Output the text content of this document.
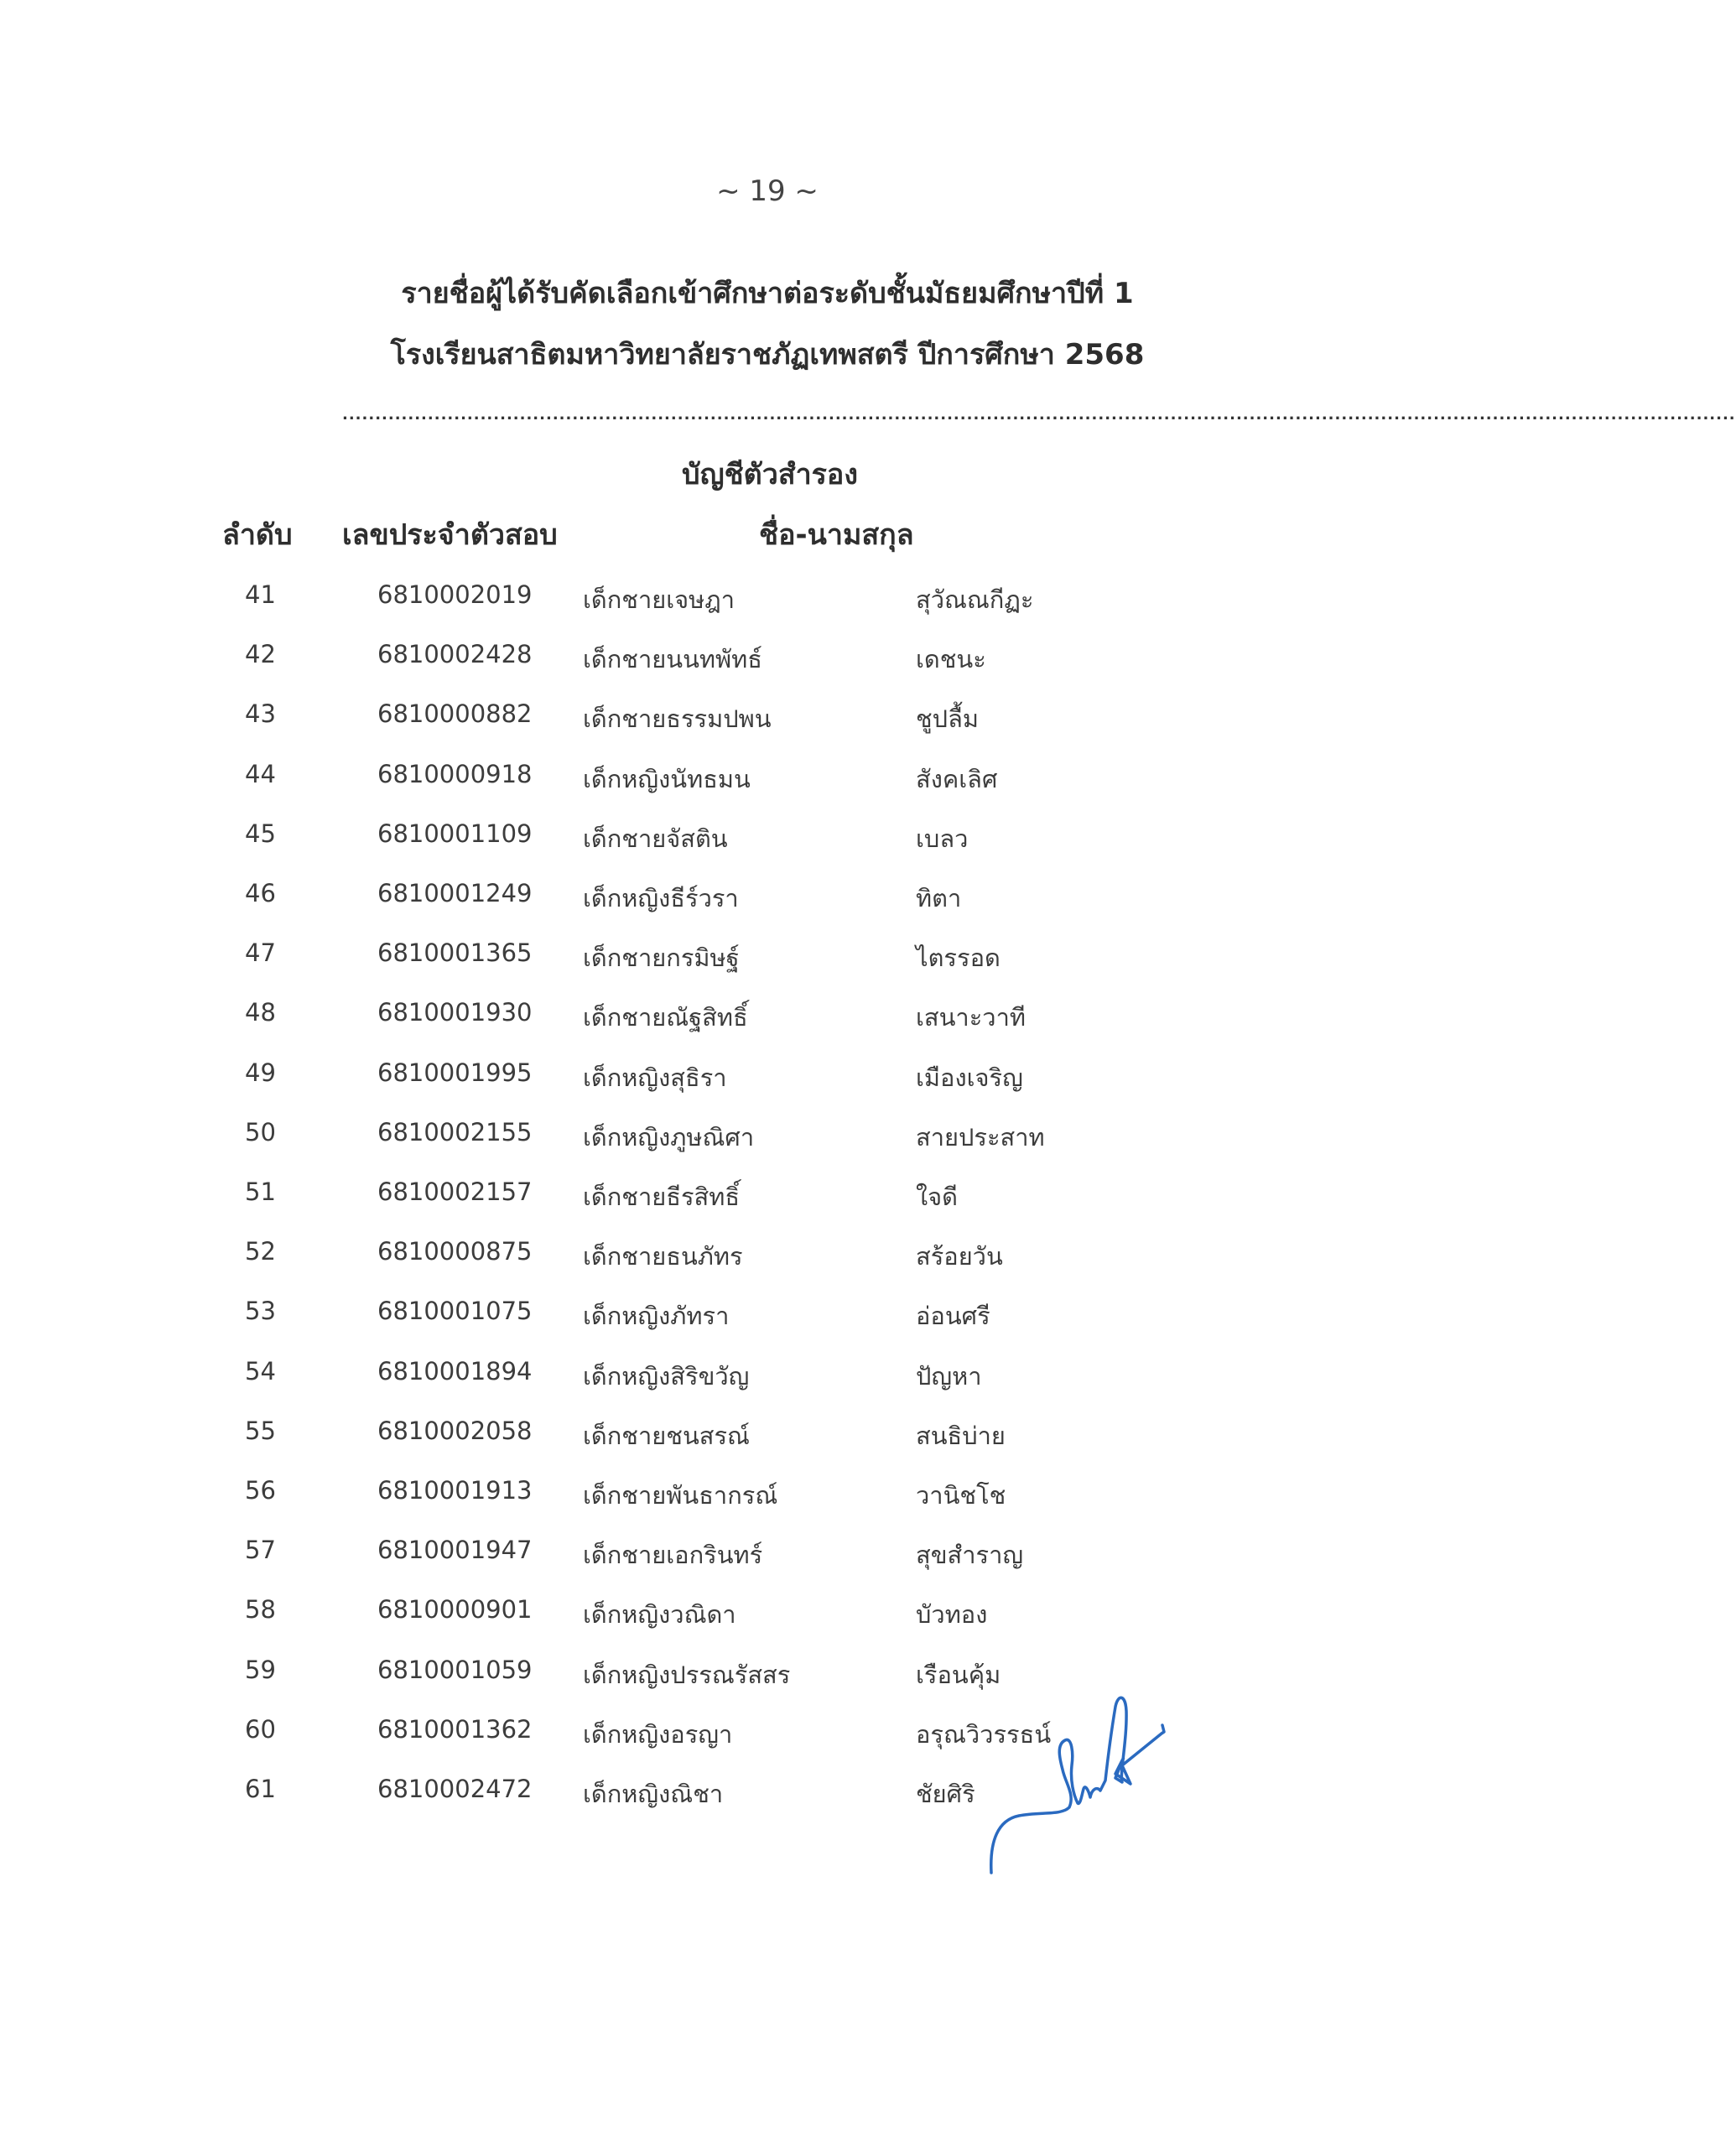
~ 19 ~
รายชื่อผู้ได้รับคัดเลือกเข้าศึกษาต่อระดับชั้นมัธยมศึกษาปีที่ 1
โรงเรียนสาธิตมหาวิทยาลัยราชภัฏเทพสตรี ปีการศึกษา 2568
....................................................................................................................................................................................................................
บัญชีตัวสำรอง
ลำดับ เลขประจำตัวสอบ	ชื่อ-นามสกุล
41	6810002019 เด็กชายเจษฎา	สุวัณณกีฏะ
42	6810002428 เด็กชายนนทพัทธ์	เดชนะ
43	6810000882 เด็กชายธรรมปพน	ชูปลื้ม
44	6810000918 เด็กหญิงนัทธมน	สังคเลิศ
45	6810001109 เด็กชายจัสติน	เบลว
46	6810001249 เด็กหญิงธีร์วรา	ทิตา
47	6810001365 เด็กชายกรมิษฐ์	ไตรรอด
48	6810001930 เด็กชายณัฐสิทธิ์	เสนาะวาที
49	6810001995 เด็กหญิงสุธิรา	เมืองเจริญ
50	6810002155 เด็กหญิงภูษณิศา	สายประสาท
51	6810002157 เด็กชายธีรสิทธิ์	ใจดี
52	6810000875 เด็กชายธนภัทร	สร้อยวัน
53	6810001075 เด็กหญิงภัทรา	อ่อนศรี
54	6810001894 เด็กหญิงสิริขวัญ	ปัญหา
55	6810002058 เด็กชายชนสรณ์	สนธิบ่าย
56	6810001913 เด็กชายพันธากรณ์	วานิชโช
57	6810001947 เด็กชายเอกรินทร์	สุขสำราญ
58	6810000901 เด็กหญิงวณิดา	บัวทอง
59	6810001059 เด็กหญิงปรรณรัสสร	เรือนคุ้ม
60	6810001362 เด็กหญิงอรญา	อรุณวิวรรธน์
61	6810002472 เด็กหญิงณิชา	ชัยศิริ
